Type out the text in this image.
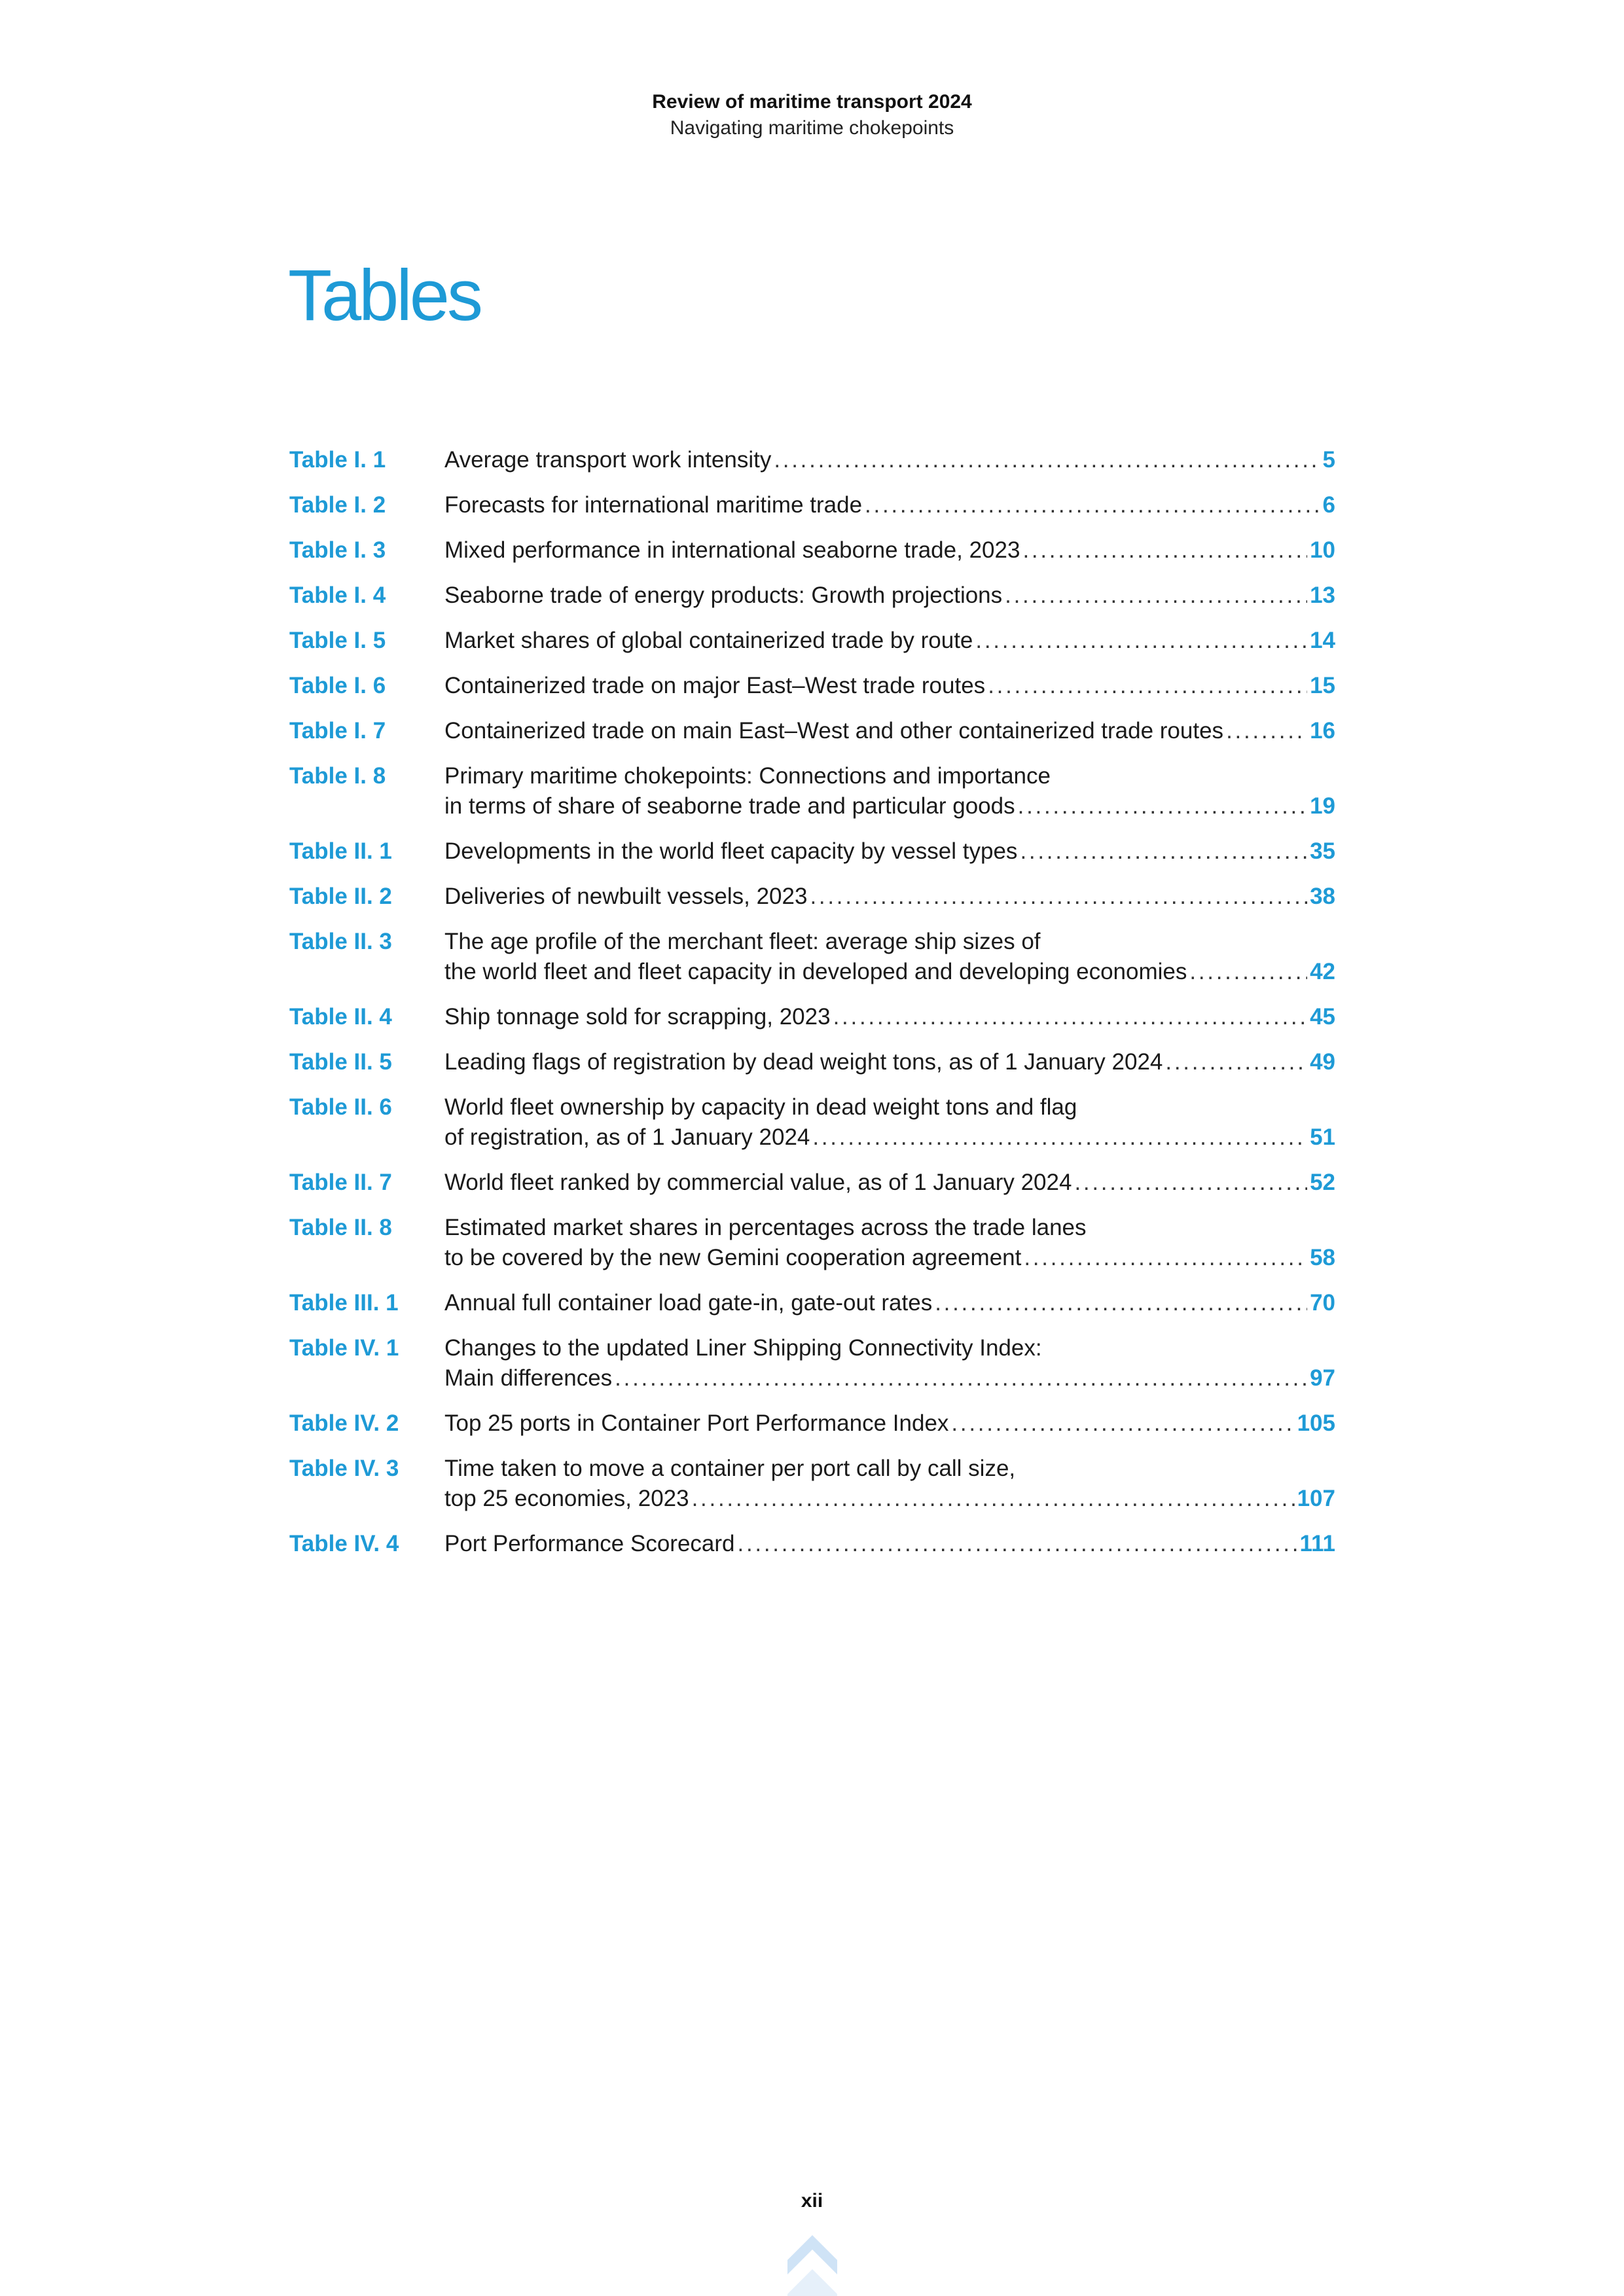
Review of maritime transport 2024
Navigating maritime chokepoints
Tables
Table I. 1	Average transport work intensity . . .	5
Table I. 2	Forecasts for international maritime trade . . .	6
Table I. 3	Mixed performance in international seaborne trade, 2023 . . .	10
Table I. 4	Seaborne trade of energy products: Growth projections . . .	13
Table I. 5	Market shares of global containerized trade by route . . .	14
Table I. 6	Containerized trade on major East–West trade routes . . .	15
Table I. 7	Containerized trade on main East–West and other containerized trade routes . . .	16
Table I. 8	Primary maritime chokepoints: Connections and importance
in terms of share of seaborne trade and particular goods . . .	19
Table II. 1	Developments in the world fleet capacity by vessel types . . .	35
Table II. 2	Deliveries of newbuilt vessels, 2023 . . .	38
Table II. 3	The age profile of the merchant fleet: average ship sizes of
the world fleet and fleet capacity in developed and developing economies . . .	42
Table II. 4	Ship tonnage sold for scrapping, 2023 . . .	45
Table II. 5	Leading flags of registration by dead weight tons, as of 1 January 2024 . . .	49
Table II. 6	World fleet ownership by capacity in dead weight tons and flag
of registration, as of 1 January 2024 . . .	51
Table II. 7	World fleet ranked by commercial value, as of 1 January 2024 . . .	52
Table II. 8	Estimated market shares in percentages across the trade lanes
to be covered by the new Gemini cooperation agreement . . .	58
Table III. 1	Annual full container load gate-in, gate-out rates . . .	70
Table IV. 1	Changes to the updated Liner Shipping Connectivity Index:
Main differences . . .	97
Table IV. 2	Top 25 ports in Container Port Performance Index . . .	105
Table IV. 3	Time taken to move a container per port call by call size,
top 25 economies, 2023 . . .	107
Table IV. 4	Port Performance Scorecard . . .	111
xii
